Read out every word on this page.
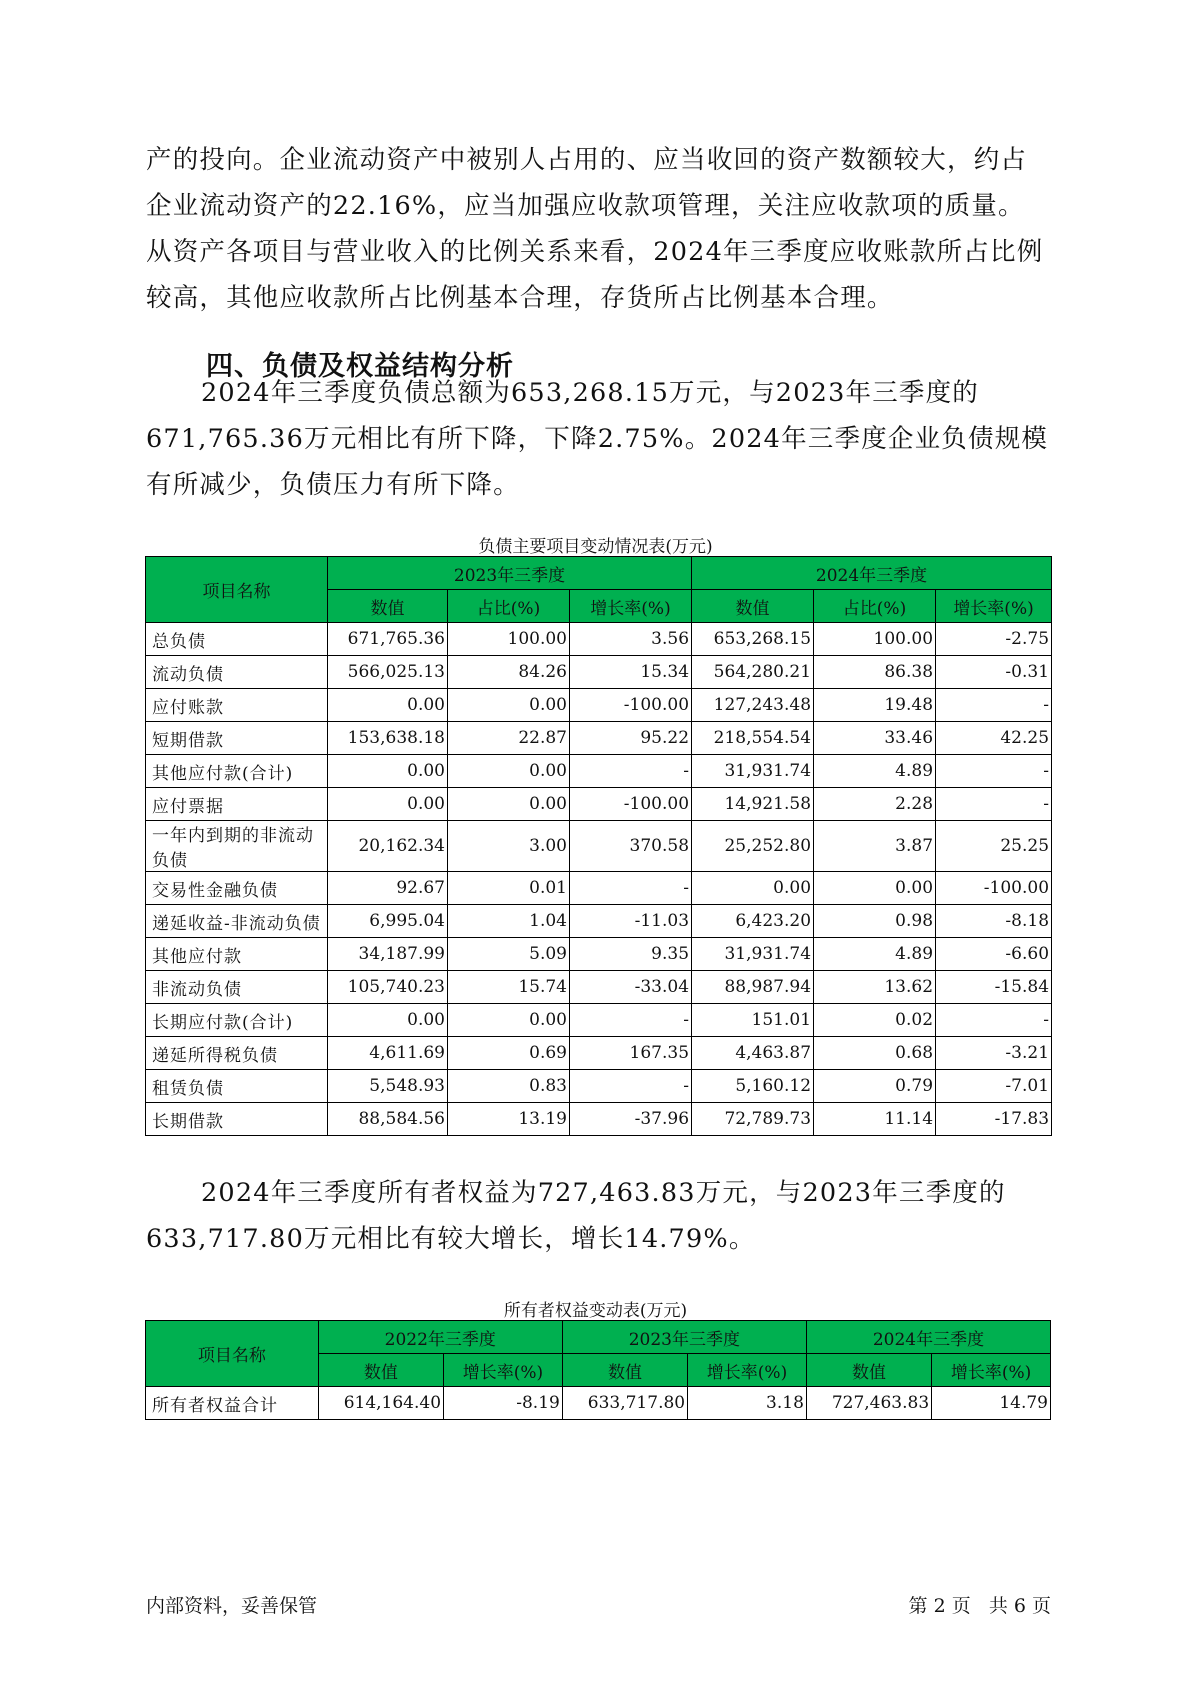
产的投向。企业流动资产中被别人占用的、应当收回的资产数额较大，约占企业流动资产的22.16%，应当加强应收款项管理，关注应收款项的质量。从资产各项目与营业收入的比例关系来看，2024年三季度应收账款所占比例较高，其他应收款所占比例基本合理，存货所占比例基本合理。

四、负债及权益结构分析

2024年三季度负债总额为653,268.15万元，与2023年三季度的671,765.36万元相比有所下降，下降2.75%。2024年三季度企业负债规模有所减少，负债压力有所下降。

负债主要项目变动情况表(万元)

项目名称	2023年三季度			2024年三季度		
	数值	占比(%)	增长率(%)	数值	占比(%)	增长率(%)
总负债	671,765.36	100.00	3.56	653,268.15	100.00	-2.75
流动负债	566,025.13	84.26	15.34	564,280.21	86.38	-0.31
应付账款	0.00	0.00	-100.00	127,243.48	19.48	-
短期借款	153,638.18	22.87	95.22	218,554.54	33.46	42.25
其他应付款(合计)	0.00	0.00	-	31,931.74	4.89	-
应付票据	0.00	0.00	-100.00	14,921.58	2.28	-
一年内到期的非流动负债	20,162.34	3.00	370.58	25,252.80	3.87	25.25
交易性金融负债	92.67	0.01	-	0.00	0.00	-100.00
递延收益-非流动负债	6,995.04	1.04	-11.03	6,423.20	0.98	-8.18
其他应付款	34,187.99	5.09	9.35	31,931.74	4.89	-6.60
非流动负债	105,740.23	15.74	-33.04	88,987.94	13.62	-15.84
长期应付款(合计)	0.00	0.00	-	151.01	0.02	-
递延所得税负债	4,611.69	0.69	167.35	4,463.87	0.68	-3.21
租赁负债	5,548.93	0.83	-	5,160.12	0.79	-7.01
长期借款	88,584.56	13.19	-37.96	72,789.73	11.14	-17.83

2024年三季度所有者权益为727,463.83万元，与2023年三季度的633,717.80万元相比有较大增长，增长14.79%。

所有者权益变动表(万元)

项目名称	2022年三季度		2023年三季度		2024年三季度	
	数值	增长率(%)	数值	增长率(%)	数值	增长率(%)
所有者权益合计	614,164.40	-8.19	633,717.80	3.18	727,463.83	14.79

内部资料，妥善保管	第 2 页   共 6 页
